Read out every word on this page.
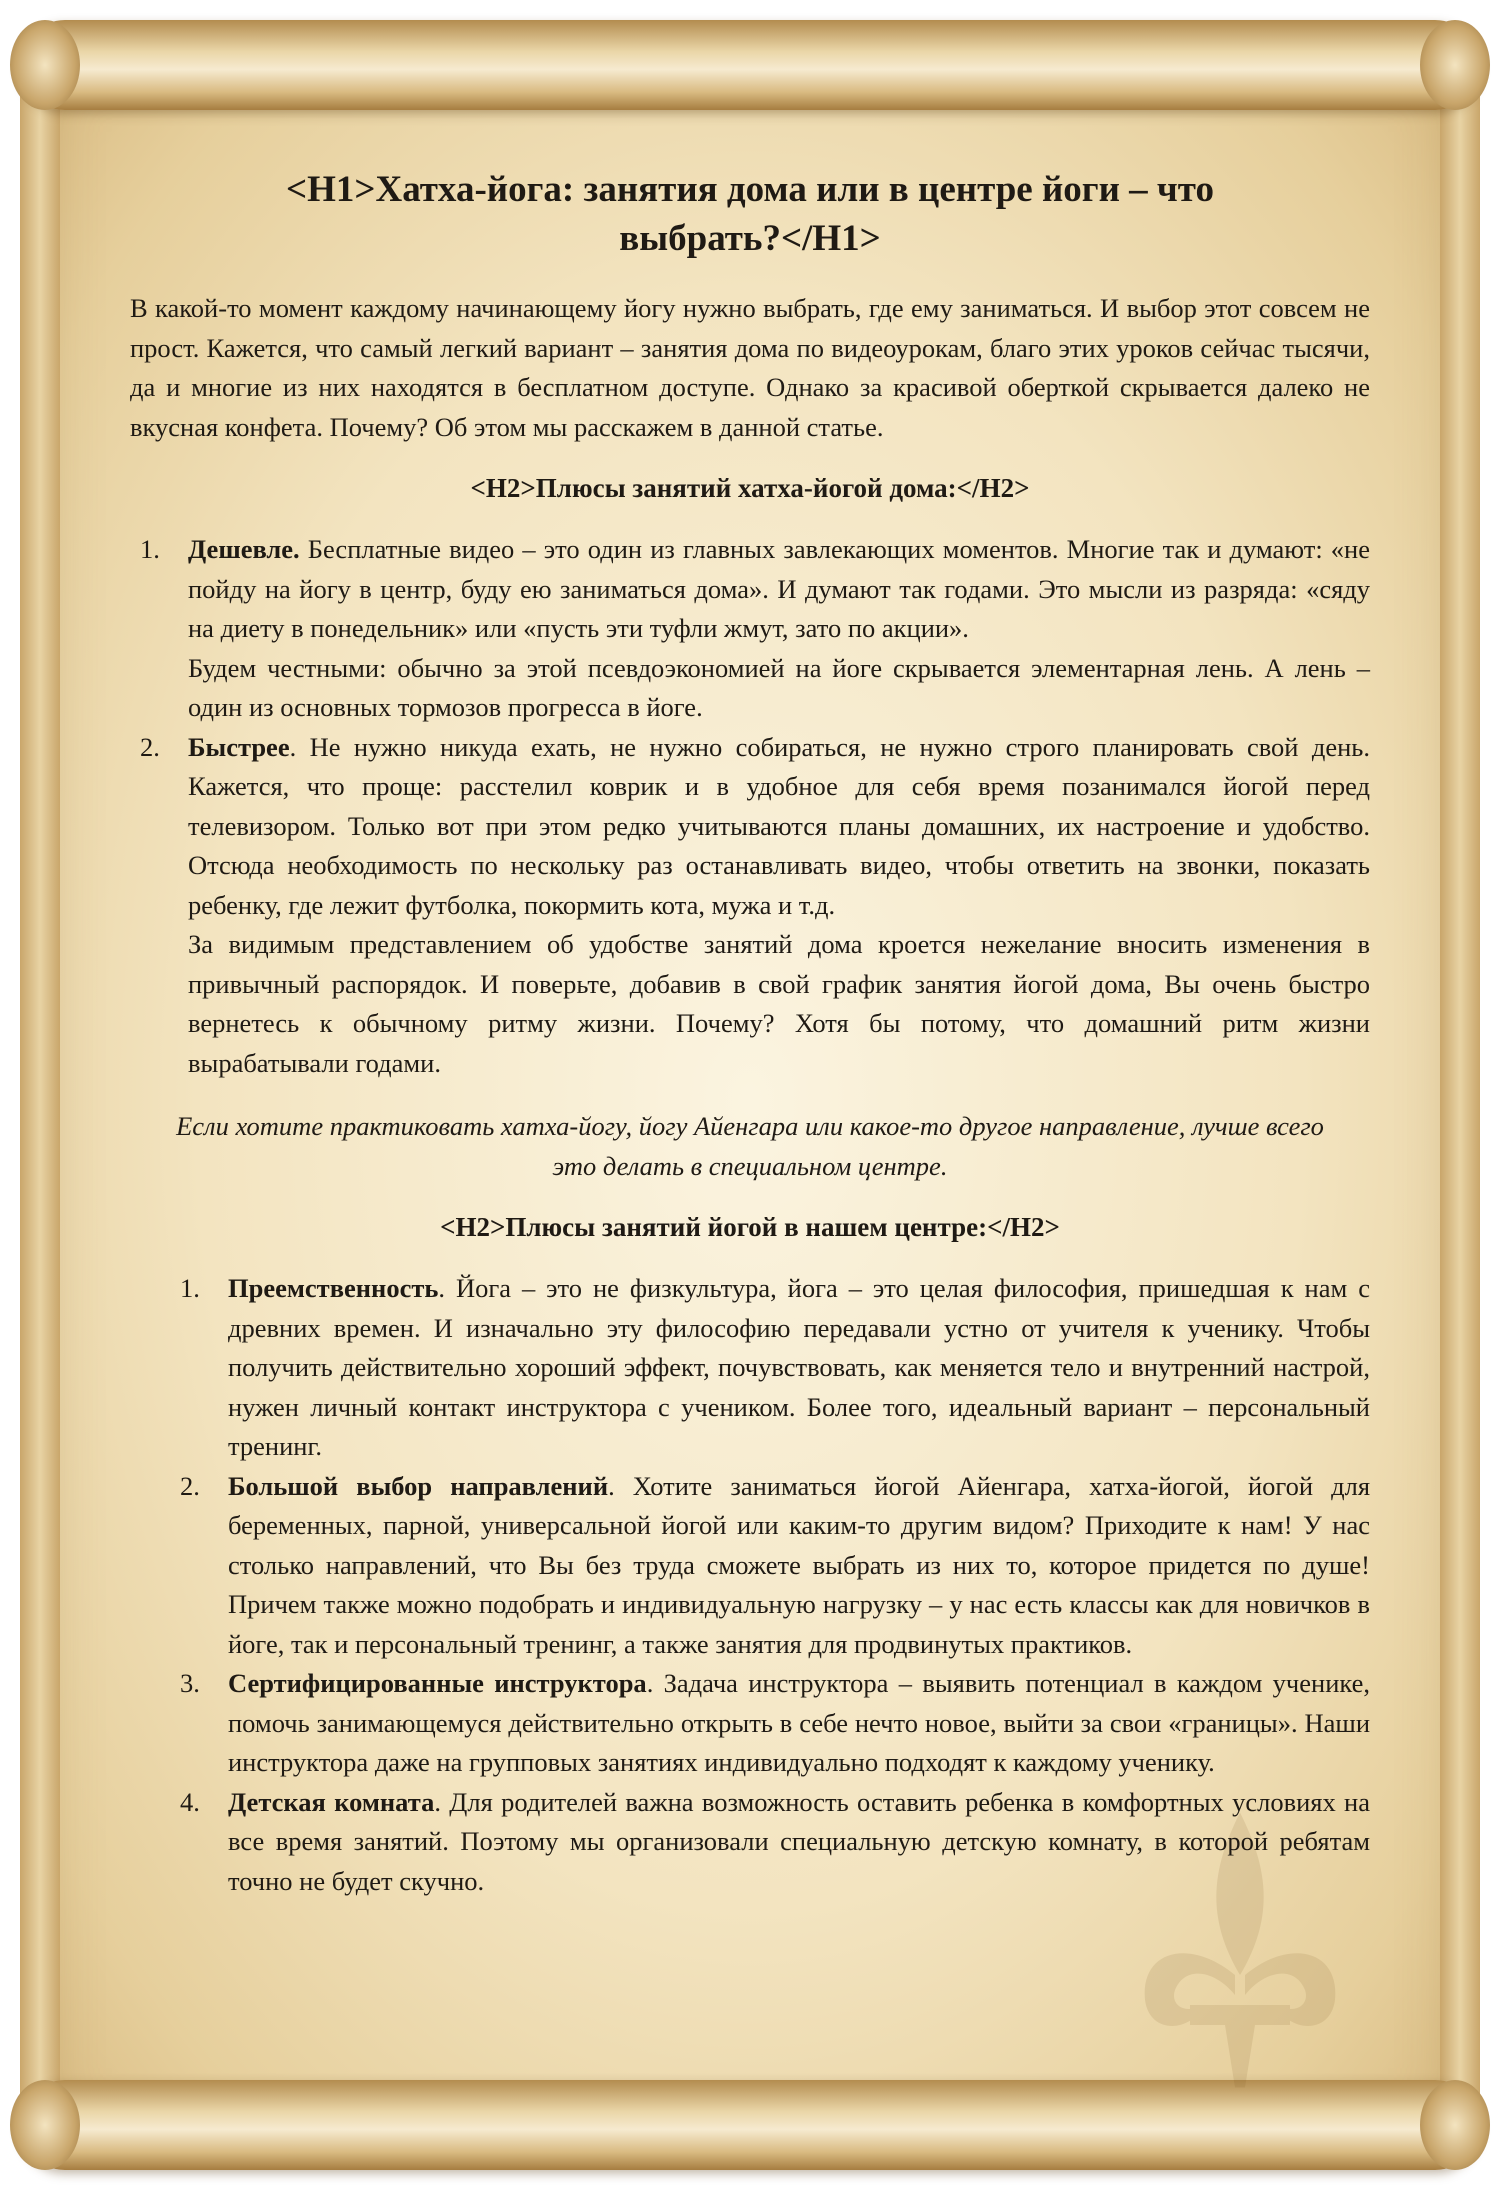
<H1>Хатха-йога: занятия дома или в центре йоги – что выбрать?</H1>

В какой-то момент каждому начинающему йогу нужно выбрать, где ему заниматься. И выбор этот совсем не прост. Кажется, что самый легкий вариант – занятия дома по видеоурокам, благо этих уроков сейчас тысячи, да и многие из них находятся в бесплатном доступе. Однако за красивой оберткой скрывается далеко не вкусная конфета. Почему? Об этом мы расскажем в данной статье.

<H2>Плюсы занятий хатха-йогой дома:</H2>
1. Дешевле. Бесплатные видео – это один из главных завлекающих моментов. Многие так и думают: «не пойду на йогу в центр, буду ею заниматься дома». И думают так годами. Это мысли из разряда: «сяду на диету в понедельник» или «пусть эти туфли жмут, зато по акции».

Будем честными: обычно за этой псевдоэкономией на йоге скрывается элементарная лень. А лень – один из основных тормозов прогресса в йоге.

2. Быстрее. Не нужно никуда ехать, не нужно собираться, не нужно строго планировать свой день. Кажется, что проще: расстелил коврик и в удобное для себя время позанимался йогой перед телевизором. Только вот при этом редко учитываются планы домашних, их настроение и удобство. Отсюда необходимость по нескольку раз останавливать видео, чтобы ответить на звонки, показать ребенку, где лежит футболка, покормить кота, мужа и т.д.

За видимым представлением об удобстве занятий дома кроется нежелание вносить изменения в привычный распорядок. И поверьте, добавив в свой график занятия йогой дома, Вы очень быстро вернетесь к обычному ритму жизни. Почему? Хотя бы потому, что домашний ритм жизни вырабатывали годами.

Если хотите практиковать хатха-йогу, йогу Айенгара или какое-то другое направление, лучше всего это делать в специальном центре.

<H2>Плюсы занятий йогой в нашем центре:</H2>
1. Преемственность. Йога – это не физкультура, йога – это целая философия, пришедшая к нам с древних времен. И изначально эту философию передавали устно от учителя к ученику. Чтобы получить действительно хороший эффект, почувствовать, как меняется тело и внутренний настрой, нужен личный контакт инструктора с учеником. Более того, идеальный вариант – персональный тренинг.

2. Большой выбор направлений. Хотите заниматься йогой Айенгара, хатха-йогой, йогой для беременных, парной, универсальной йогой или каким-то другим видом? Приходите к нам! У нас столько направлений, что Вы без труда сможете выбрать из них то, которое придется по душе! Причем также можно подобрать и индивидуальную нагрузку – у нас есть классы как для новичков в йоге, так и персональный тренинг, а также занятия для продвинутых практиков.

3. Сертифицированные инструктора. Задача инструктора – выявить потенциал в каждом ученике, помочь занимающемуся действительно открыть в себе нечто новое, выйти за свои «границы». Наши инструктора даже на групповых занятиях индивидуально подходят к каждому ученику.

4. Детская комната. Для родителей важна возможность оставить ребенка в комфортных условиях на все время занятий. Поэтому мы организовали специальную детскую комнату, в которой ребятам точно не будет скучно.
